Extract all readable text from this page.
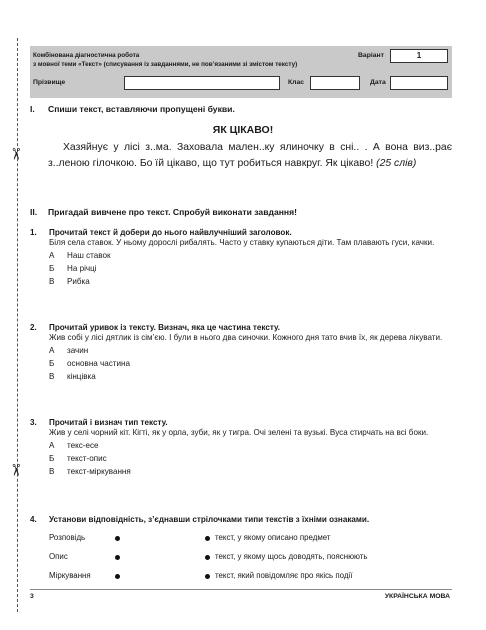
✂
✂
Комбінована діагностична робота
з мовної теми «Текст» (списування із завданнями, не пов’язаними зі змістом тексту)
Варіант	1
Прізвище	Клас	Дата
I. Спиши текст, вставляючи пропущені букви.
ЯК ЦІКАВО!
Хазяйнує у лісі з..ма. Заховала мален..ку ялиночку в сні.. . А вона виз..рає з..леною гілочкою. Бо їй цікаво, що тут робиться навкруг. Як цікаво! (25 слів)
II. Пригадай вивчене про текст. Спробуй виконати завдання!
1.	Прочитай текст й добери до нього найвлучніший заголовок.
Біля села ставок. У ньому дорослі рибалять. Часто у ставку купаються діти. Там плавають гуси, качки.
А	Наш ставок
Б	На річці
В	Рибка
2.	Прочитай уривок із тексту. Визнач, яка це частина тексту.
Жив собі у лісі дятлик із сім’єю. І були в нього два синочки. Кожного дня тато вчив їх, як дерева лікувати.
А	зачин
Б	основна частина
В	кінцівка
3.	Прочитай і визнач тип тексту.
Жив у селі чорний кіт. Кігті, як у орла, зуби, як у тигра. Очі зелені та вузькі. Вуса стирчать на всі боки.
А	текс-есе
Б	текст-опис
В	текст-міркування
4.	Установи відповідність, з’єднавши стрілочками типи текстів з їхніми ознаками.
Розповідь	текст, у якому описано предмет
Опис	текст, у якому щось доводять, пояснюють
Міркування	текст, який повідомляє про якісь події
3	УКРАЇНСЬКА МОВА
